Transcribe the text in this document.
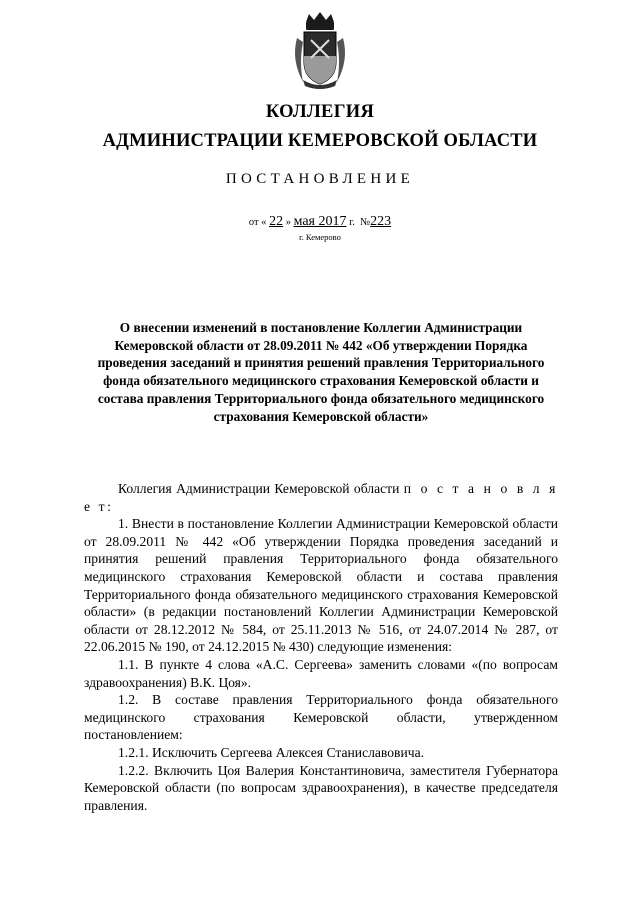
КОЛЛЕГИЯ
АДМИНИСТРАЦИИ КЕМЕРОВСКОЙ ОБЛАСТИ
ПОСТАНОВЛЕНИЕ
от « 22 » мая 2017 г. №223
г. Кемерово
О внесении изменений в постановление Коллегии Администрации Кемеровской области от 28.09.2011 № 442 «Об утверждении Порядка проведения заседаний и принятия решений правления Территориального фонда обязательного медицинского страхования Кемеровской области и состава правления Территориального фонда обязательного медицинского страхования Кемеровской области»

Коллегия Администрации Кемеровской области п о с т а н о в л я е т:

1. Внести в постановление Коллегии Администрации Кемеровской области от 28.09.2011 № 442 «Об утверждении Порядка проведения заседаний и принятия решений правления Территориального фонда обязательного медицинского страхования Кемеровской области и состава правления Территориального фонда обязательного медицинского страхования Кемеровской области» (в редакции постановлений Коллегии Администрации Кемеровской области от 28.12.2012 № 584, от 25.11.2013 № 516, от 24.07.2014 № 287, от 22.06.2015 № 190, от 24.12.2015 № 430) следующие изменения:

1.1. В пункте 4 слова «А.С. Сергеева» заменить словами «(по вопросам здравоохранения) В.К. Цоя».

1.2. В составе правления Территориального фонда обязательного медицинского страхования Кемеровской области, утвержденном постановлением:

1.2.1. Исключить Сергеева Алексея Станиславовича.

1.2.2. Включить Цоя Валерия Константиновича, заместителя Губернатора Кемеровской области (по вопросам здравоохранения), в качестве председателя правления.
